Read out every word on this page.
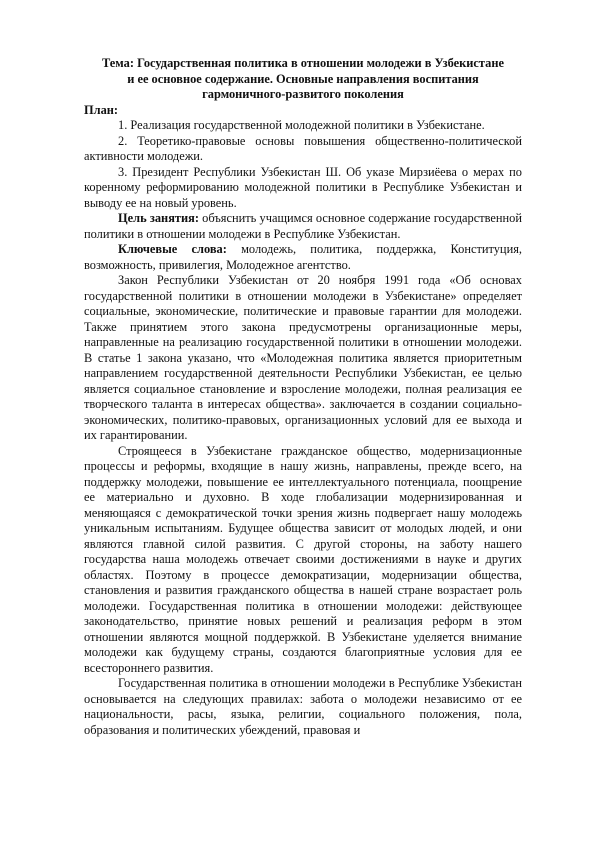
Тема: Государственная политика в отношении молодежи в Узбекистане
и ее основное содержание. Основные направления воспитания
гармоничного-развитого поколения

План:

1. Реализация государственной молодежной политики в Узбекистане.

2. Теоретико-правовые основы повышения общественно-политической активности молодежи.

3. Президент Республики Узбекистан Ш. Об указе Мирзиёева о мерах по коренному реформированию молодежной политики в Республике Узбекистан и выводу ее на новый уровень.

Цель занятия: объяснить учащимся основное содержание государственной политики в отношении молодежи в Республике Узбекистан.

Ключевые слова: молодежь, политика, поддержка, Конституция, возможность, привилегия, Молодежное агентство.

Закон Республики Узбекистан от 20 ноября 1991 года «Об основах государственной политики в отношении молодежи в Узбекистане» определяет социальные, экономические, политические и правовые гарантии для молодежи. Также принятием этого закона предусмотрены организационные меры, направленные на реализацию государственной политики в отношении молодежи. В статье 1 закона указано, что «Молодежная политика является приоритетным направлением государственной деятельности Республики Узбекистан, ее целью является социальное становление и взросление молодежи, полная реализация ее творческого таланта в интересах общества». заключается в создании социально-экономических, политико-правовых, организационных условий для ее выхода и их гарантировании.

Строящееся в Узбекистане гражданское общество, модернизационные процессы и реформы, входящие в нашу жизнь, направлены, прежде всего, на поддержку молодежи, повышение ее интеллектуального потенциала, поощрение ее материально и духовно. В ходе глобализации модернизированная и меняющаяся с демократической точки зрения жизнь подвергает нашу молодежь уникальным испытаниям. Будущее общества зависит от молодых людей, и они являются главной силой развития. С другой стороны, на заботу нашего государства наша молодежь отвечает своими достижениями в науке и других областях. Поэтому в процессе демократизации, модернизации общества, становления и развития гражданского общества в нашей стране возрастает роль молодежи. Государственная политика в отношении молодежи: действующее законодательство, принятие новых решений и реализация реформ в этом отношении являются мощной поддержкой. В Узбекистане уделяется внимание молодежи как будущему страны, создаются благоприятные условия для ее всестороннего развития.

Государственная политика в отношении молодежи в Республике Узбекистан основывается на следующих правилах: забота о молодежи независимо от ее национальности, расы, языка, религии, социального положения, пола, образования и политических убеждений, правовая и
